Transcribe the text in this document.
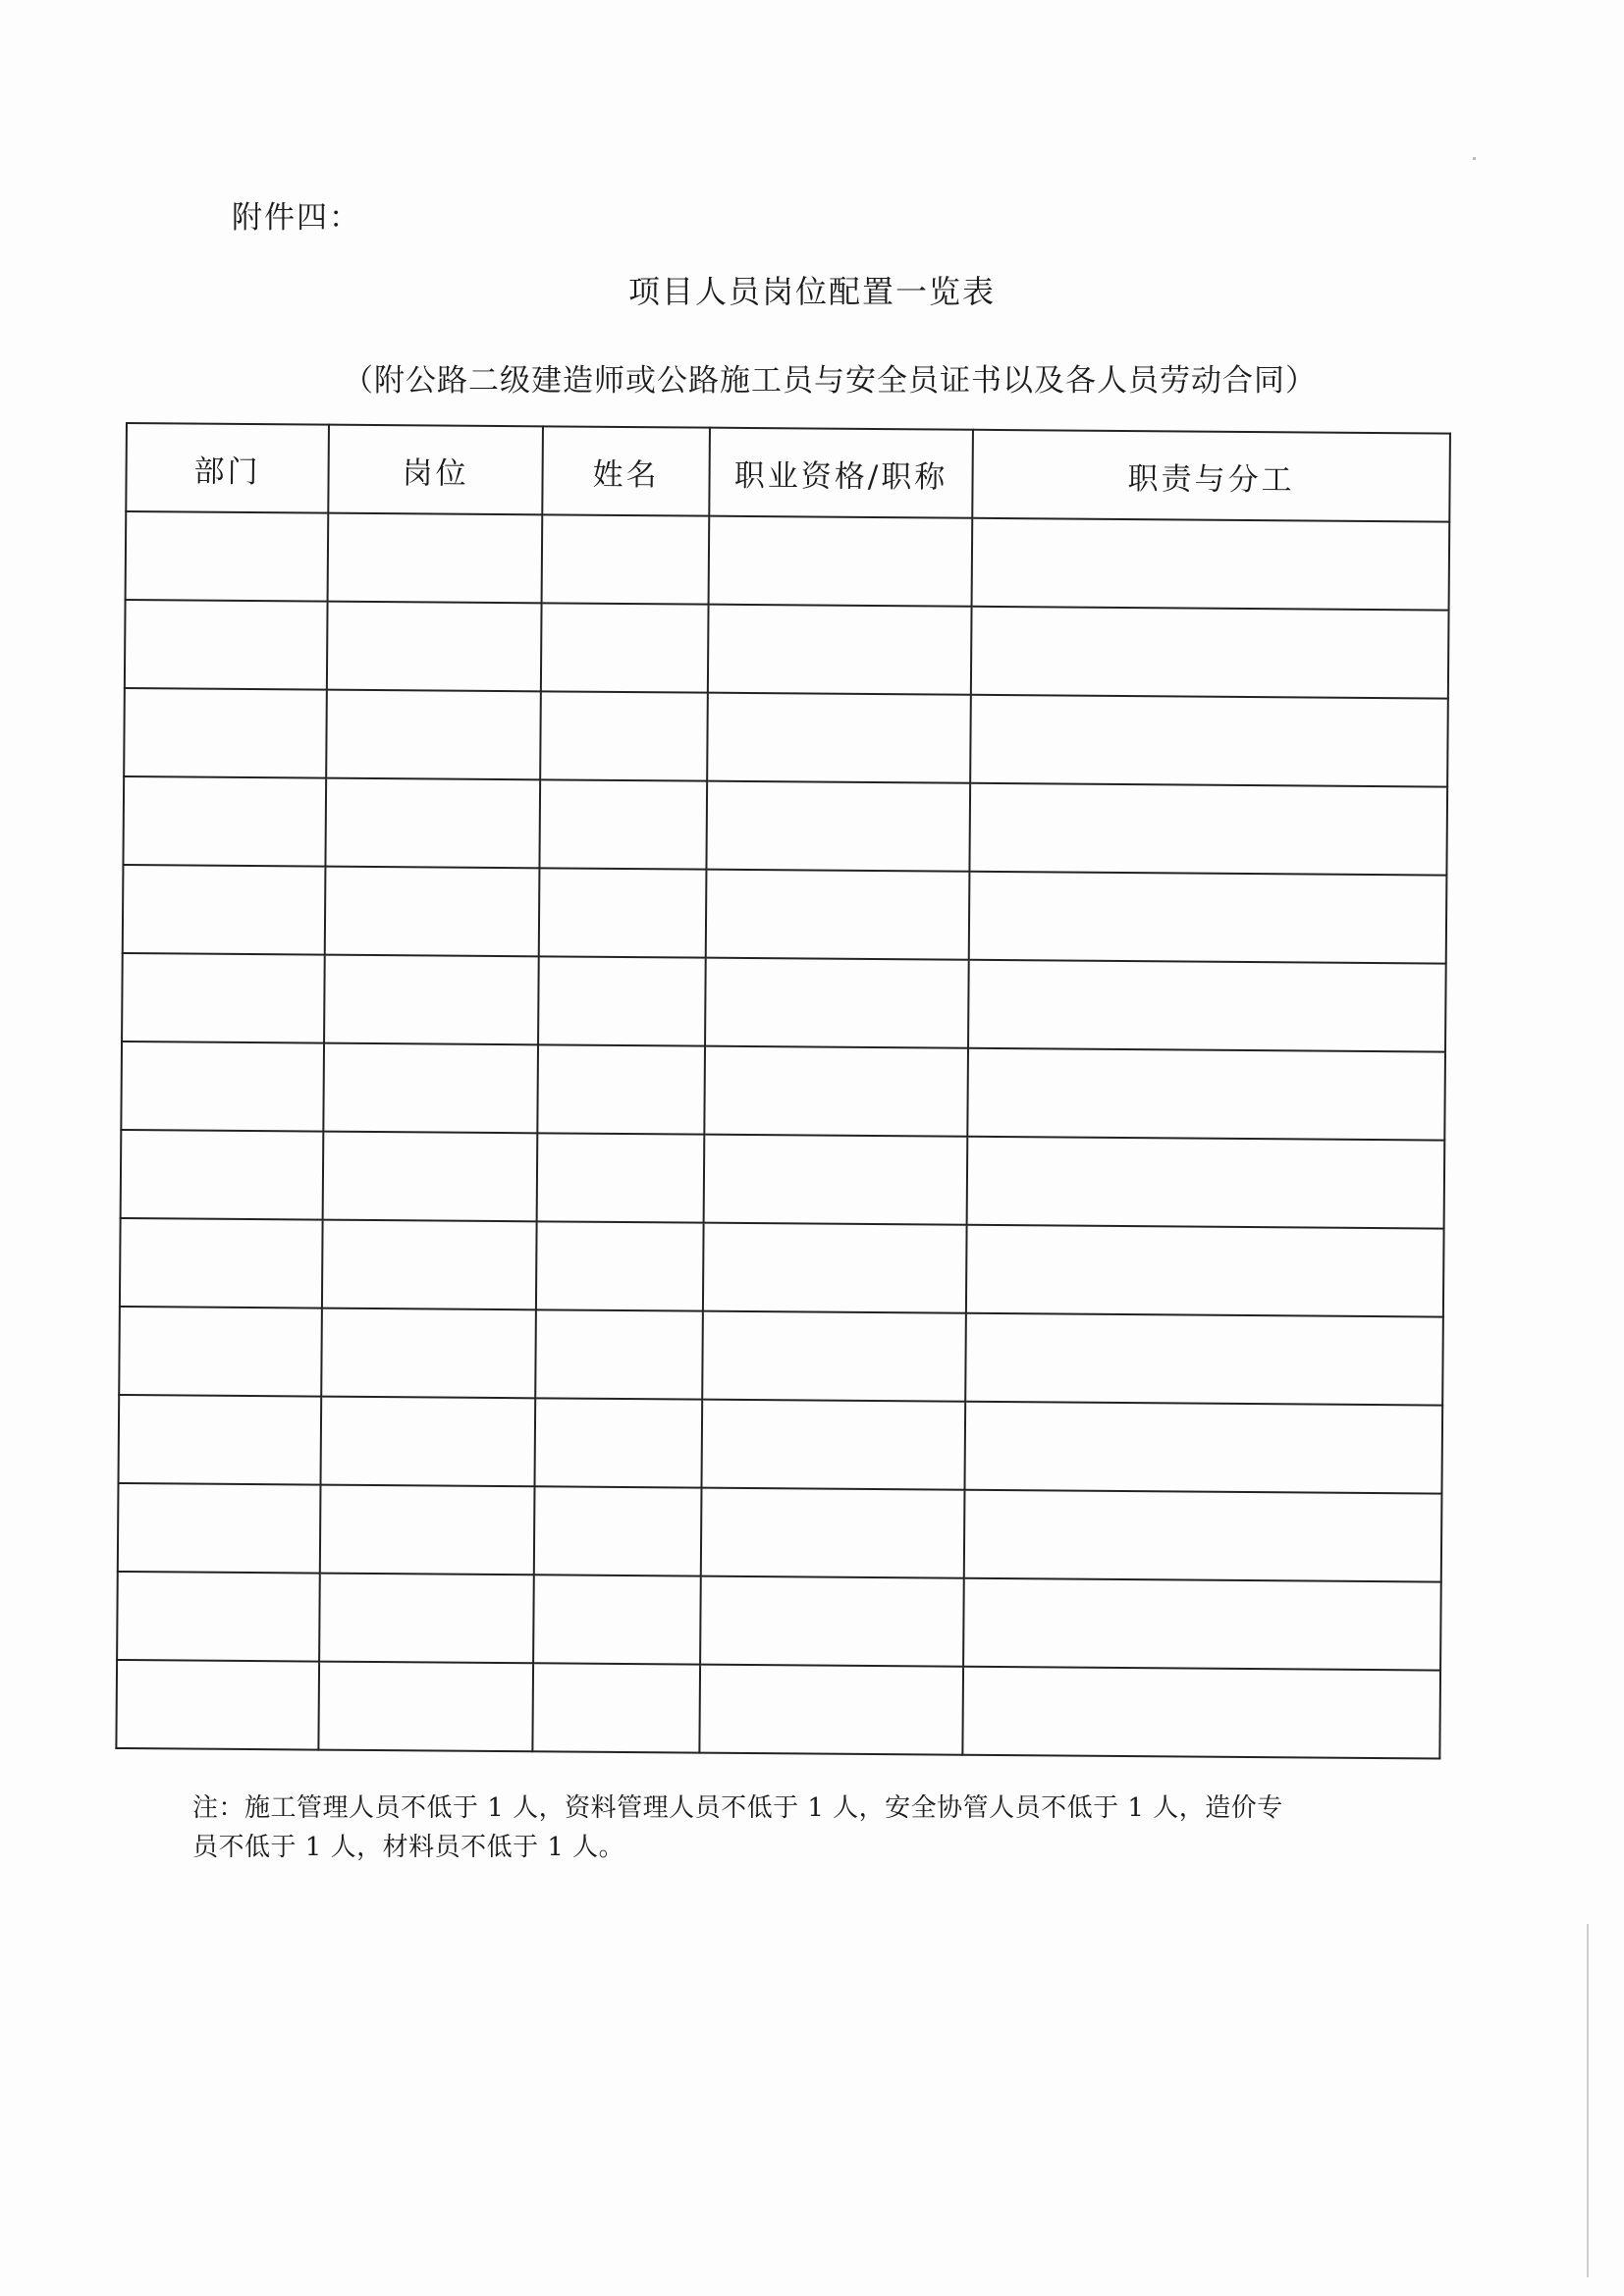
附件四：
项目人员岗位配置一览表
（附公路二级建造师或公路施工员与安全员证书以及各人员劳动合同）
部门	岗位	姓名	职业资格/职称	职责与分工

注：施工管理人员不低于 1 人，资料管理人员不低于 1 人，安全协管人员不低于 1 人，造价专
员不低于 1 人，材料员不低于 1 人。
